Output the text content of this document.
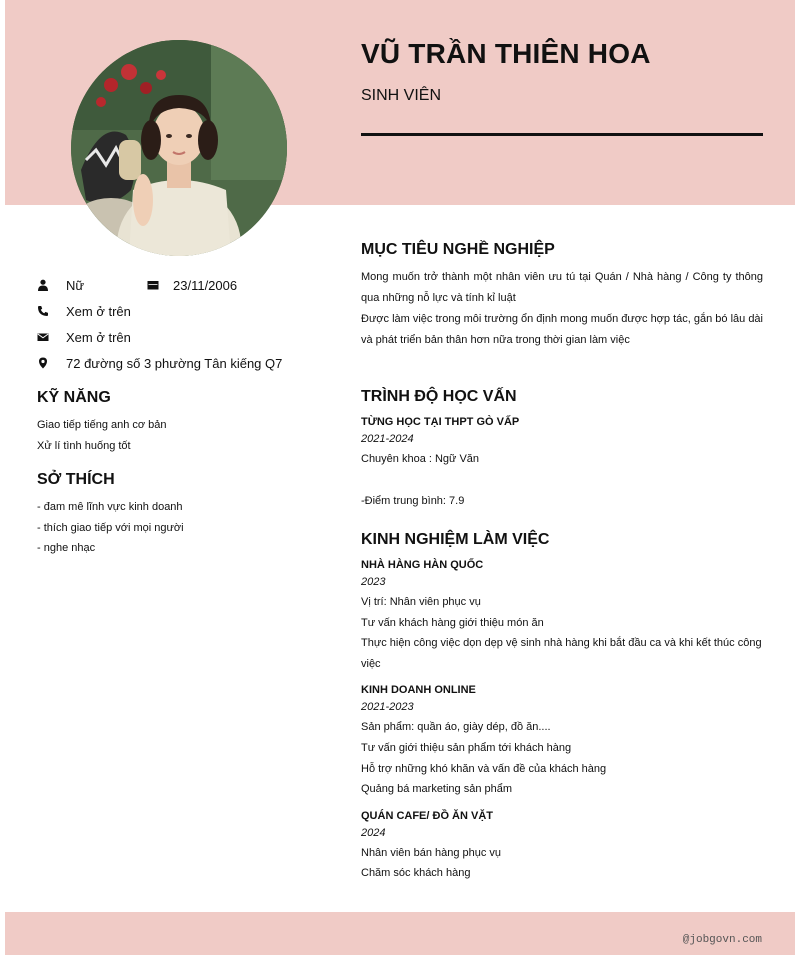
VŨ TRẦN THIÊN HOA
SINH VIÊN
Nữ	23/11/2006
Xem ở trên
Xem ở trên
72 đường số 3 phường Tân kiếng Q7
KỸ NĂNG
Giao tiếp tiếng anh cơ bản
Xử lí tình huống tốt
SỞ THÍCH
- đam mê lĩnh vực kinh doanh
- thích giao tiếp với mọi người
- nghe nhạc
MỤC TIÊU NGHỀ NGHIỆP

Mong muốn trở thành một nhân viên ưu tú tại Quán / Nhà hàng / Công ty thông qua những nỗ lực và tính kỉ luật

Được làm việc trong môi trường ổn định mong muốn được hợp tác, gắn bó lâu dài và phát triển bản thân hơn nữa trong thời gian làm việc

TRÌNH ĐỘ HỌC VẤN
TỪNG HỌC TẠI THPT GÒ VẤP
2021-2024
Chuyên khoa : Ngữ Văn
-Điểm trung bình: 7.9
KINH NGHIỆM LÀM VIỆC
NHÀ HÀNG HÀN QUỐC
2023
Vị trí: Nhân viên phục vụ
Tư vấn khách hàng giới thiệu món ăn
Thực hiện công việc dọn dẹp vệ sinh nhà hàng khi bắt đầu ca và khi kết thúc công việc
KINH DOANH ONLINE
2021-2023
Sản phẩm: quần áo, giày dép, đồ ăn....
Tư vấn giới thiệu sản phẩm tới khách hàng
Hỗ trợ những khó khăn và vấn đề của khách hàng
Quảng bá marketing sản phẩm
QUÁN CAFE/ ĐỒ ĂN VẶT
2024
Nhân viên bán hàng phục vụ
Chăm sóc khách hàng
@jobgovn.com
